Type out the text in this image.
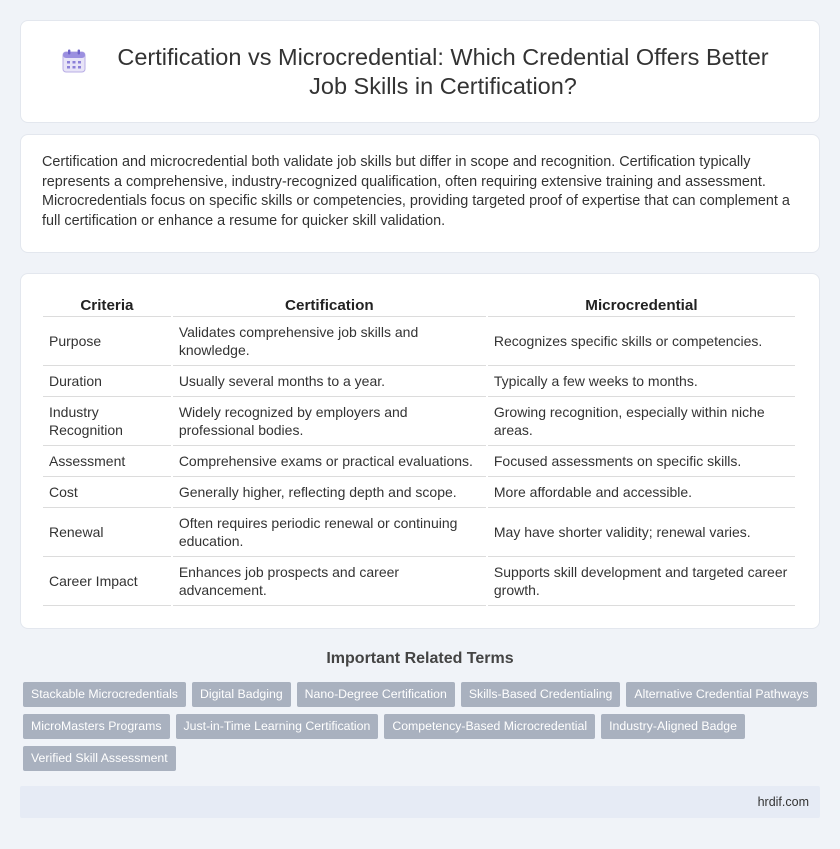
Certification vs Microcredential: Which Credential Offers Better Job Skills in Certification?

Certification and microcredential both validate job skills but differ in scope and recognition. Certification typically represents a comprehensive, industry-recognized qualification, often requiring extensive training and assessment. Microcredentials focus on specific skills or competencies, providing targeted proof of expertise that can complement a full certification or enhance a resume for quicker skill validation.

Criteria	Certification	Microcredential
Purpose	Validates comprehensive job skills and knowledge.	Recognizes specific skills or competencies.
Duration	Usually several months to a year.	Typically a few weeks to months.
Industry Recognition	Widely recognized by employers and professional bodies.	Growing recognition, especially within niche areas.
Assessment	Comprehensive exams or practical evaluations.	Focused assessments on specific skills.
Cost	Generally higher, reflecting depth and scope.	More affordable and accessible.
Renewal	Often requires periodic renewal or continuing education.	May have shorter validity; renewal varies.
Career Impact	Enhances job prospects and career advancement.	Supports skill development and targeted career growth.
Important Related Terms
Stackable Microcredentials	Digital Badging	Nano-Degree Certification	Skills-Based Credentialing	Alternative Credential Pathways
MicroMasters Programs	Just-in-Time Learning Certification	Competency-Based Microcredential	Industry-Aligned Badge
Verified Skill Assessment
hrdif.com
